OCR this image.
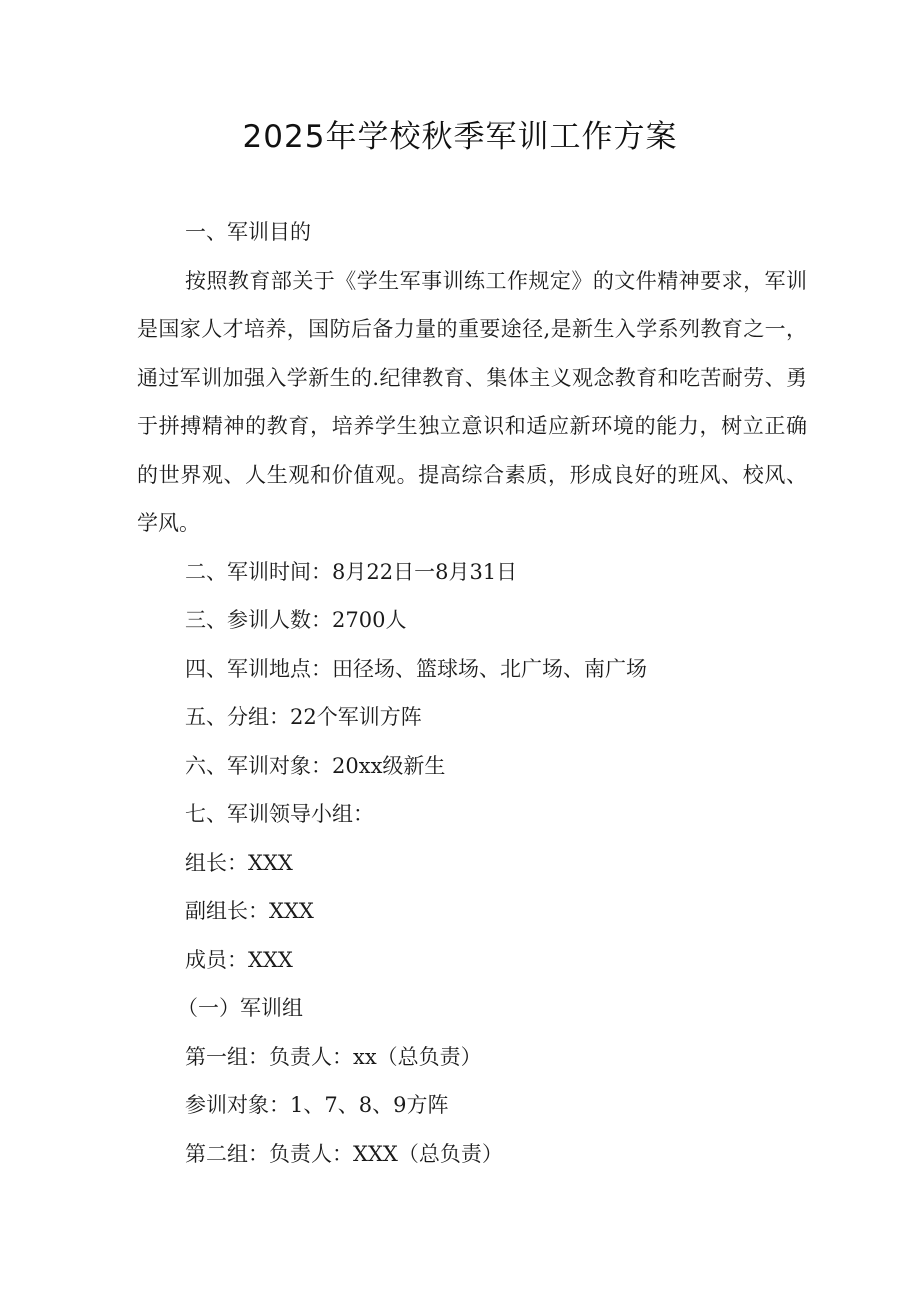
2025年学校秋季军训工作方案

一、军训目的

按照教育部关于《学生军事训练工作规定》的文件精神要求，军训是国家人才培养，国防后备力量的重要途径,是新生入学系列教育之一，通过军训加强入学新生的.纪律教育、集体主义观念教育和吃苦耐劳、勇于拼搏精神的教育，培养学生独立意识和适应新环境的能力，树立正确的世界观、人生观和价值观。提高综合素质，形成良好的班风、校风、学风。

二、军训时间：8月22日一8月31日

三、参训人数：2700人

四、军训地点：田径场、篮球场、北广场、南广场

五、分组：22个军训方阵

六、军训对象：20xx级新生

七、军训领导小组：

组长：XXX

副组长：XXX

成员：XXX

（一）军训组

第一组：负责人：xx（总负责）

参训对象：1、7、8、9方阵

第二组：负责人：XXX（总负责）
